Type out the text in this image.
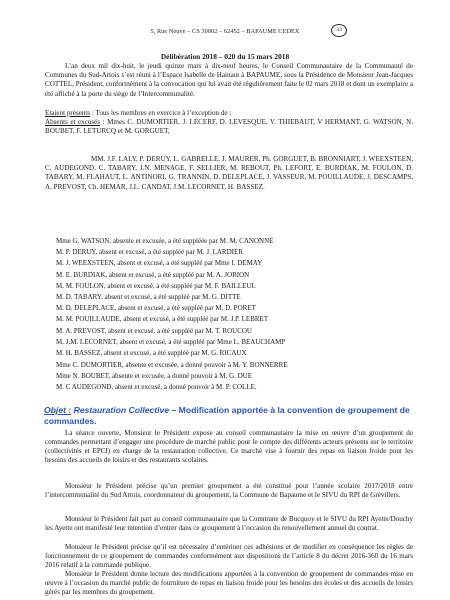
5, Rue Neuve – CS 30002 – 62452 – BAPAUME CEDEX	33
Délibération 2018 – 020 du 15 mars 2018
L’an deux mil dix-huit, le jeudi quinze mars à dix-neuf heures, le Conseil Communautaire de la Communauté de Communes du Sud-Artois s’est réuni à l’Espace Isabelle de Hainaut à BAPAUME, sous la Présidence de Monsieur Jean-Jacques COTTEL, Président, conformément à la convocation qui lui avait été régulièrement faite le 02 mars 2018 et dont un exemplaire a été affiché à la porte du siège de l’Intercommunalité.
Etaient présents : Tous les membres en exercice à l’exception de :
Absents et excusés : Mmes C. DUMORTIER, J. LECERF, D. LEVESQUE, V. THIEBAUT, V HERMANT, G. WATSON, N. BOUBET, F. LETURCQ et M. GORGUET,
MM. J.F. LALY, P. DERUY, L. GABRELLE, J. MAURER, Ph. GORGUET, B. BRONNIART, J. WEEXSTEEN, C. AUDEGOND, C. TABARY, J.N. MENAGE, F. SELLIER, M. REBOUT, Ph. LEFORT, E. BURDIAK, M. FOULON, D. TABARY, M. FLAHAUT, L. ANTINORI, G. TRANNIN, D. DELEPLACE, J. VASSEUR, M. POUILLAUDE, J. DESCAMPS, A. PREVOST, Ch. HEMAR, J.L. CANDAT, J.M. LECORNET, H. BASSEZ.
Mme G. WATSON, absente et excusée, a été suppléée par M. M. CANONNE
M. P. DERUY, absent et excusé, a été suppléé par M. J. LARDIER
M. J. WEEXSTEEN, absent et excusé, a été suppléé par Mme I. DEMAY
M. E. BURDIAK, absent et excusé, a été suppléé par M. A. JORION
M. M. FOULON, absent et excusé, a été suppléé par M. F. BAILLEUL
M. D. TABARY, absent et excusé, a été suppléé par M. G. DITTE
M. D. DELEPLACE, absent et excusé, a été suppléé par M. D. PORET
M. M. POUILLAUDE, absent et excusé, a été suppléé par M. J.P. LEBRET
M. A. PREVOST, absent et excusé, a été suppléé par M. T. ROUCOU
M. J.M. LECORNET, absent et excusé, a été suppléé par Mme L. BEAUCHAMP
M. H. BASSEZ, absent et excusé, a été suppléé par M. G. RICAUX
Mme C. DUMORTIER, absente et excusée, a donné pouvoir à M. Y. BONNERRE
Mme N. BOUBET, absente et excusée, a donné pouvoir à M. G. DUE
M. C AUDEGOND, absent et excusé, a donné pouvoir à M. P. COLLE.
Objet : Restauration Collective – Modification apportée à la convention de groupement de commandes.
La séance ouverte, Monsieur le Président expose au conseil communautaire la mise en œuvre d’un groupement de commandes permettant d’engager une procédure de marché public pour le compte des différents acteurs présents sur le territoire (collectivités et EPCI) en charge de la restauration collective. Ce marché vise à fournir des repas en liaison froide pour les besoins des accueils de loisirs et des restaurants scolaires.
Monsieur le Président précise qu’un premier groupement a été constitué pour l’année scolaire 2017/2018 entre l’intercommunalité du Sud Artois, coordonnateur du groupement, la Commune de Bapaume et le SIVU du RPI de Grévillers.
Monsieur le Président fait part au conseil communautaire que la Commune de Bucquoy et le SIVU du RPI Ayette/Douchy les Ayette ont manifesté leur intention d’entrer dans ce groupement à l’occasion du renouvellement annuel du contrat.
Monsieur le Président précise qu’il est nécessaire d’entériner ces adhésions et de modifier en conséquence les règles de fonctionnement de ce groupement de commandes conformément aux dispositions de l’article 8 du décret 2016-360 du 16 mars 2016 relatif à la commande publique.
Monsieur le Président donne lecture des modifications apportées à la convention de groupement de commandes mise en œuvre à l’occasion du marché public de fourniture de repas en liaison froide pour les besoins des écoles et des accueils de loisirs gérés par les membres du groupement.
